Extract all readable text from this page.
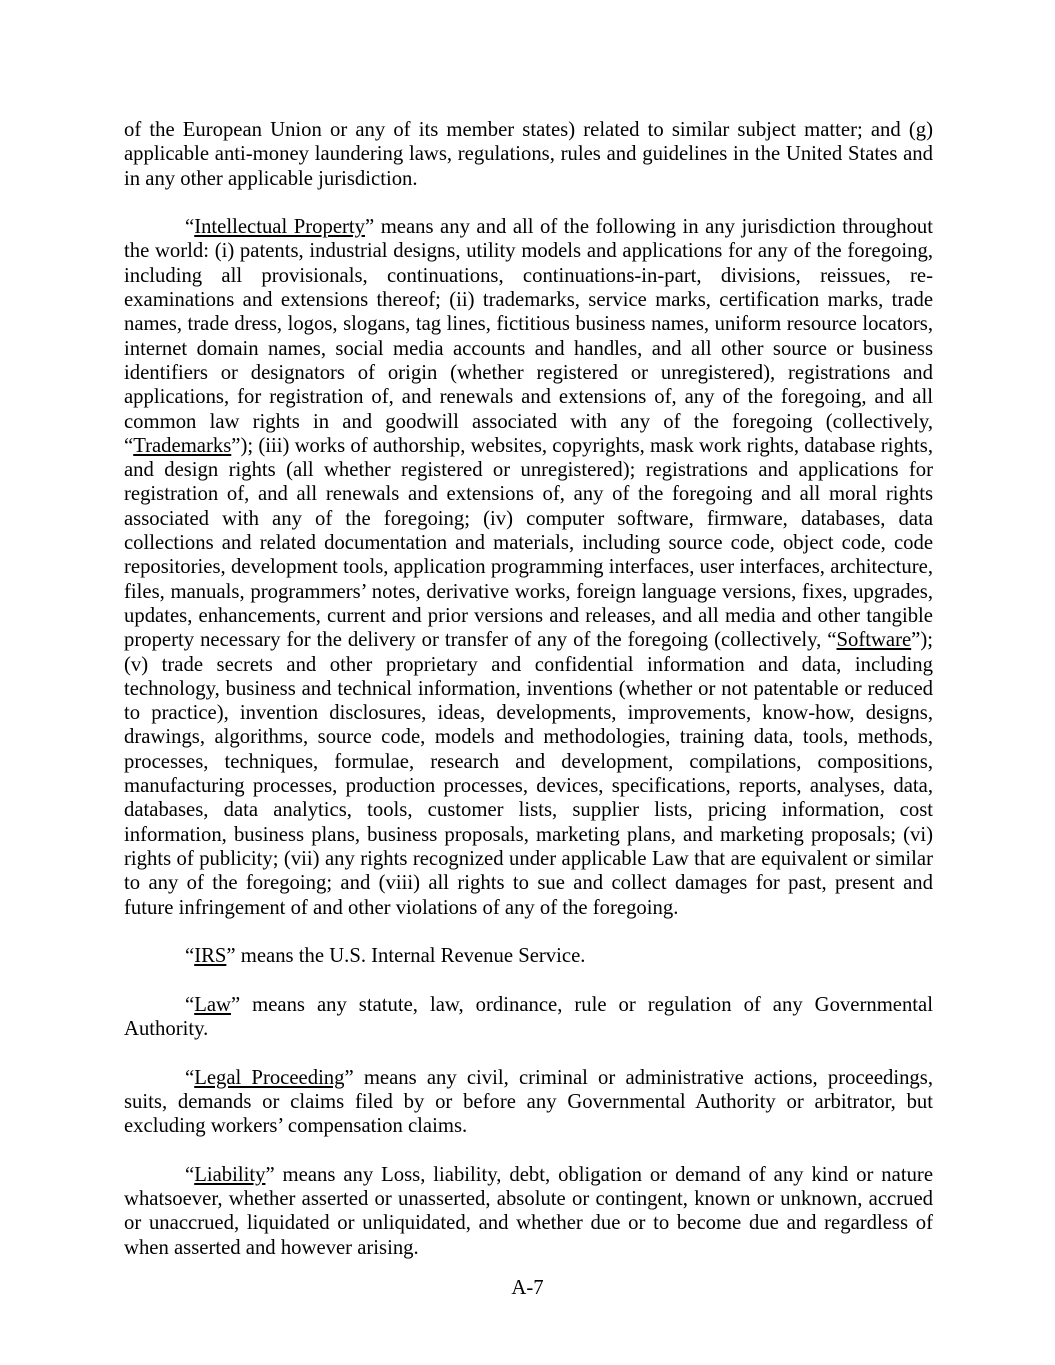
of the European Union or any of its member states) related to similar subject matter; and (g) applicable anti-money laundering laws, regulations, rules and guidelines in the United States and in any other applicable jurisdiction.

“Intellectual Property” means any and all of the following in any jurisdiction throughout the world: (i) patents, industrial designs, utility models and applications for any of the foregoing, including all provisionals, continuations, continuations-in-part, divisions, reissues, re-examinations and extensions thereof; (ii) trademarks, service marks, certification marks, trade names, trade dress, logos, slogans, tag lines, fictitious business names, uniform resource locators, internet domain names, social media accounts and handles, and all other source or business identifiers or designators of origin (whether registered or unregistered), registrations and applications, for registration of, and renewals and extensions of, any of the foregoing, and all common law rights in and goodwill associated with any of the foregoing (collectively, “Trademarks”); (iii) works of authorship, websites, copyrights, mask work rights, database rights, and design rights (all whether registered or unregistered); registrations and applications for registration of, and all renewals and extensions of, any of the foregoing and all moral rights associated with any of the foregoing; (iv) computer software, firmware, databases, data collections and related documentation and materials, including source code, object code, code repositories, development tools, application programming interfaces, user interfaces, architecture, files, manuals, programmers’ notes, derivative works, foreign language versions, fixes, upgrades, updates, enhancements, current and prior versions and releases, and all media and other tangible property necessary for the delivery or transfer of any of the foregoing (collectively, “Software”); (v) trade secrets and other proprietary and confidential information and data, including technology, business and technical information, inventions (whether or not patentable or reduced to practice), invention disclosures, ideas, developments, improvements, know-how, designs, drawings, algorithms, source code, models and methodologies, training data, tools, methods, processes, techniques, formulae, research and development, compilations, compositions, manufacturing processes, production processes, devices, specifications, reports, analyses, data, databases, data analytics, tools, customer lists, supplier lists, pricing information, cost information, business plans, business proposals, marketing plans, and marketing proposals; (vi) rights of publicity; (vii) any rights recognized under applicable Law that are equivalent or similar to any of the foregoing; and (viii) all rights to sue and collect damages for past, present and future infringement of and other violations of any of the foregoing.

“IRS” means the U.S. Internal Revenue Service.

“Law” means any statute, law, ordinance, rule or regulation of any Governmental Authority.

“Legal Proceeding” means any civil, criminal or administrative actions, proceedings, suits, demands or claims filed by or before any Governmental Authority or arbitrator, but excluding workers’ compensation claims.

“Liability” means any Loss, liability, debt, obligation or demand of any kind or nature whatsoever, whether asserted or unasserted, absolute or contingent, known or unknown, accrued or unaccrued, liquidated or unliquidated, and whether due or to become due and regardless of when asserted and however arising.

A-7
